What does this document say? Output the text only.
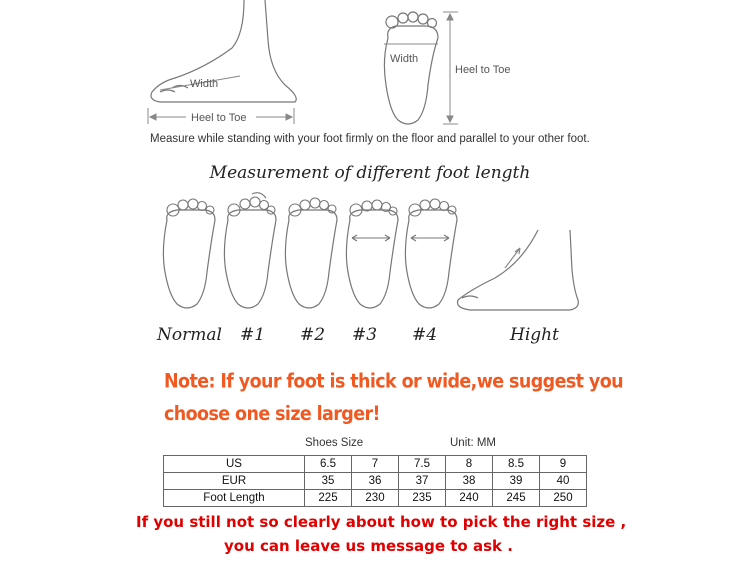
Width
Heel to Toe
Width
Heel to Toe
Measure while standing with your foot firmly on the floor and parallel to your other foot.
Measurement of different foot length
Normal #1 #2 #3 #4	Hight
Note: If your foot is thick or wide,we suggest you
choose one size larger!
Shoes Size	Unit: MM
US	6.5	7	7.5	8	8.5	9
EUR	35	36	37	38	39	40
Foot Length	225	230	235	240	245	250
If you still not so clearly about how to pick the right size ,
you can leave us message to ask .
